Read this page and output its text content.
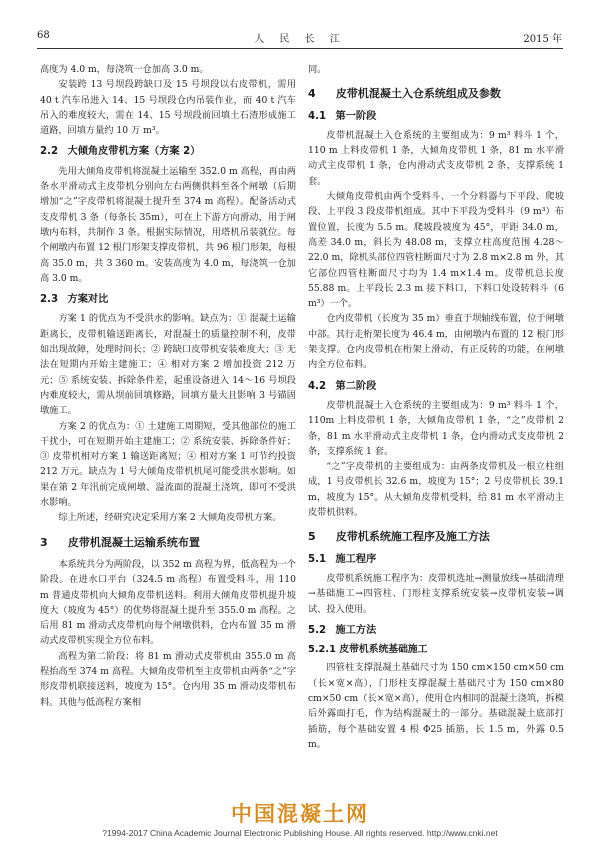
68	人 民 长 江	2015 年

高度为 4.0 m，每浇筑一仓加高 3.0 m。

安装跨 13 号坝段跨缺口及 15 号坝段以右皮带机，需用 40 t 汽车吊进入 14、15 号坝段仓内吊装作业，而 40 t 汽车吊入的难度较大，需在 14、15 号坝段前回填土石渣形成施工道路，回填方量约 10 万 m³。

2.2 大倾角皮带机方案（方案 2）

先用大倾角皮带机将混凝土运输至 352.0 m 高程，再由两条水平滑动式主皮带机分别向左右两侧供料至各个闸墩（后期增加“之”字皮带机将混凝土提升至 374 m 高程）。配备活动式支皮带机 3 条（每条长 35m），可在上下游方向滑动，用于闸墩内布料，共制作 3 条。根据实际情况，用塔机吊装就位。每个闸墩内布置 12 根门形架支撑皮带机，共 96 根门形架，每根高 35.0 m，共 3 360 m。安装高度为 4.0 m，每浇筑一仓加高 3.0 m。

2.3 方案对比

方案 1 的优点为不受洪水的影响。缺点为：① 混凝土运输距离长，皮带机输送距离长，对混凝土的质量控制不利，皮带如出现故障，处理时间长；② 跨缺口皮带机安装难度大；③ 无法在短期内开始主建施工；④ 相对方案 2 增加投资 212 万元；⑤ 系统安装、拆除条件差，起重设备进入 14～16 号坝段内难度较大，需从坝前回填修路，回填方量大且影响 3 号锚固墩施工。

方案 2 的优点为：① 土建施工周期短，受其他部位的施工干扰小，可在短期开始主建施工；② 系统安装、拆除条件好；③ 皮带机相对方案 1 输送距离短；④ 相对方案 1 可节约投资 212 万元。缺点为 1 号大倾角皮带机机尾可能受洪水影响。如果在第 2 年汛前完成闸墩、溢流面的混凝土浇筑，即可不受洪水影响。

综上所述，经研究决定采用方案 2 大倾角皮带机方案。

3 皮带机混凝土运输系统布置

本系统共分为两阶段，以 352 m 高程为界，低高程为一个阶段。在进水口平台（324.5 m 高程）布置受料斗，用 110 m 普通皮带机向大倾角皮带机送料。利用大倾角皮带机提升坡度大（坡度为 45°）的优势将混凝土提升至 355.0 m 高程。之后用 81 m 滑动式皮带机向每个闸墩供料，仓内布置 35 m 滑动式皮带机实现全方位布料。

高程为第二阶段：将 81 m 滑动式皮带机由 355.0 m 高程抬高至 374 m 高程。大倾角皮带机至主皮带机由两条“之”字形皮带机联接送料，坡度为 15°。仓内用 35 m 滑动皮带机布料。其他与低高程方案相

同。

4 皮带机混凝土入仓系统组成及参数
4.1 第一阶段

皮带机混凝土入仓系统的主要组成为：9 m³ 料斗 1 个，110 m 上料皮带机 1 条，大倾角皮带机 1 条，81 m 水平滑动式主皮带机 1 条，仓内滑动式支皮带机 2 条，支撑系统 1 套。

大倾角皮带机由两个受料斗、一个分料器与下平段、爬坡段、上平段 3 段皮带机组成。其中下平段为受料斗（9 m³）布置位置，长度为 5.5 m。爬坡段坡度为 45°，平距 34.0 m，高差 34.0 m，斜长为 48.08 m，支撑立柱高度范围 4.28～22.0 m，除机头部位四管柱断面尺寸为 2.8 m×2.8 m 外，其它部位四管柱断面尺寸均为 1.4 m×1.4 m。皮带机总长度 55.88 m。上平段长 2.3 m 接下料口，下料口处设转料斗（6 m³）一个。

仓内皮带机（长度为 35 m）垂直于坝轴线布置，位于闸墩中部。其行走桁架长度为 46.4 m，由闸墩内布置的 12 根门形架支撑。仓内皮带机在桁架上滑动，有正反转的功能，在闸墩内全方位布料。

4.2 第二阶段

皮带机混凝土入仓系统的主要组成为：9 m³ 料斗 1 个，110m 上料皮带机 1 条，大倾角皮带机 1 条，“之”皮带机 2 条，81 m 水平滑动式主皮带机 1 条，仓内滑动式支皮带机 2 条，支撑系统 1 套。

“之”字皮带机的主要组成为：由两条皮带机及一根立柱组成，1 号皮带机长 32.6 m，坡度为 15°；2 号皮带机长 39.1 m，坡度为 15°。从大倾角皮带机受料，给 81 m 水平滑动主皮带机供料。

5 皮带机系统施工程序及施工方法
5.1 施工程序

皮带机系统施工程序为：皮带机选址→测量放线→基础清理→基础施工→四管柱、门形柱支撑系统安装→皮带机安装→调试、投入使用。

5.2 施工方法
5.2.1 皮带机系统基础施工

四管柱支撑混凝土基础尺寸为 150 cm×150 cm×50 cm（长×宽×高），门形柱支撑混凝土基础尺寸为 150 cm×80 cm×50 cm（长×宽×高），使用仓内相同的混凝土浇筑，拆模后外露面打毛，作为结构混凝土的一部分。基础混凝土底部打插筋，每个基础安置 4 根 Φ25 插筋，长 1.5 m，外露 0.5 m。

中国混凝土网
?1994-2017 China Academic Journal Electronic Publishing House. All rights reserved. http://www.cnki.net
